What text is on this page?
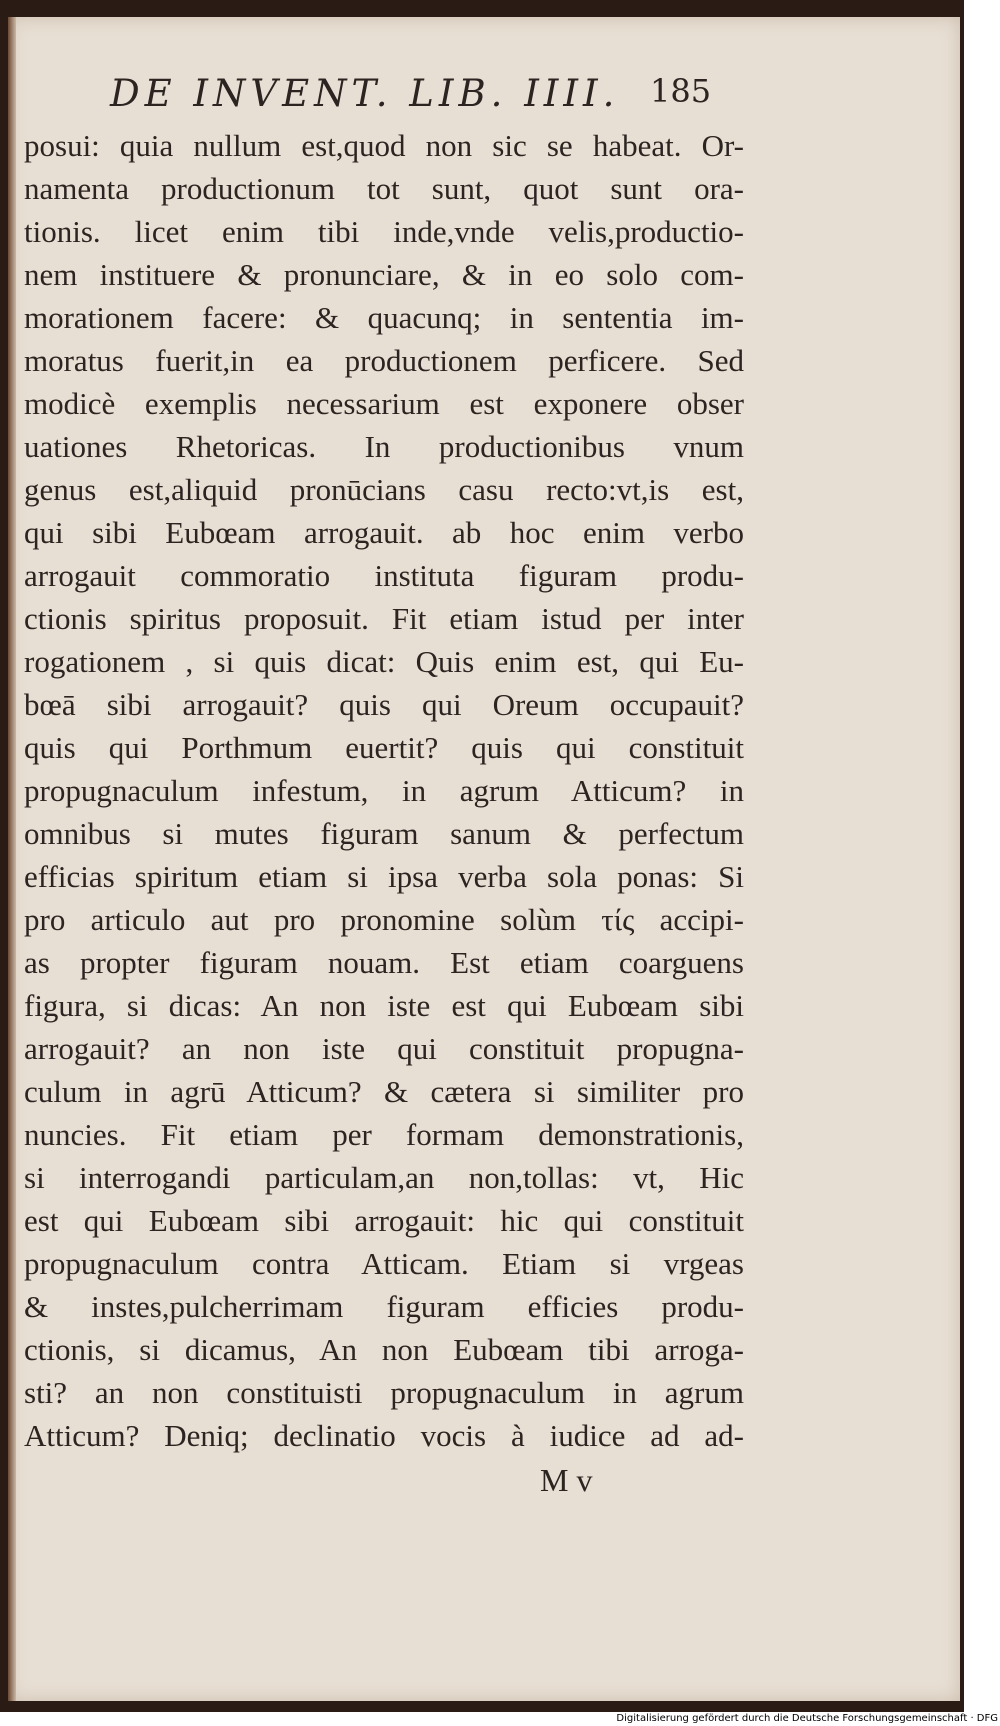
DE INVENT. LIB. IIII. 185
posui: quia nullum est,quod non sic se habeat. Or-
namenta productionum tot sunt, quot sunt ora-
tionis. licet enim tibi inde,vnde velis,productio-
nem instituere & pronunciare, & in eo solo com-
morationem facere: & quacunq; in sententia im-
moratus fuerit,in ea productionem perficere. Sed
modicè exemplis necessarium est exponere obser
uationes Rhetoricas. In productionibus vnum
genus est,aliquid pronūcians casu recto:vt,is est,
qui sibi Eubœam arrogauit. ab hoc enim verbo
arrogauit commoratio instituta figuram produ-
ctionis spiritus proposuit. Fit etiam istud per inter
rogationem , si quis dicat: Quis enim est, qui Eu-
bœā sibi arrogauit? quis qui Oreum occupauit?
quis qui Porthmum euertit? quis qui constituit
propugnaculum infestum, in agrum Atticum? in
omnibus si mutes figuram sanum & perfectum
efficias spiritum etiam si ipsa verba sola ponas: Si
pro articulo aut pro pronomine solùm τίς accipi-
as propter figuram nouam. Est etiam coarguens
figura, si dicas: An non iste est qui Eubœam sibi
arrogauit? an non iste qui constituit propugna-
culum in agrū Atticum? & cætera si similiter pro
nuncies. Fit etiam per formam demonstrationis,
si interrogandi particulam,an non,tollas: vt, Hic
est qui Eubœam sibi arrogauit: hic qui constituit
propugnaculum contra Atticam. Etiam si vrgeas
& instes,pulcherrimam figuram efficies produ-
ctionis, si dicamus, An non Eubœam tibi arroga-
sti? an non constituisti propugnaculum in agrum
Atticum? Deniq; declinatio vocis à iudice ad ad-
M v
Digitalisierung gefördert durch die Deutsche Forschungsgemeinschaft · DFG
